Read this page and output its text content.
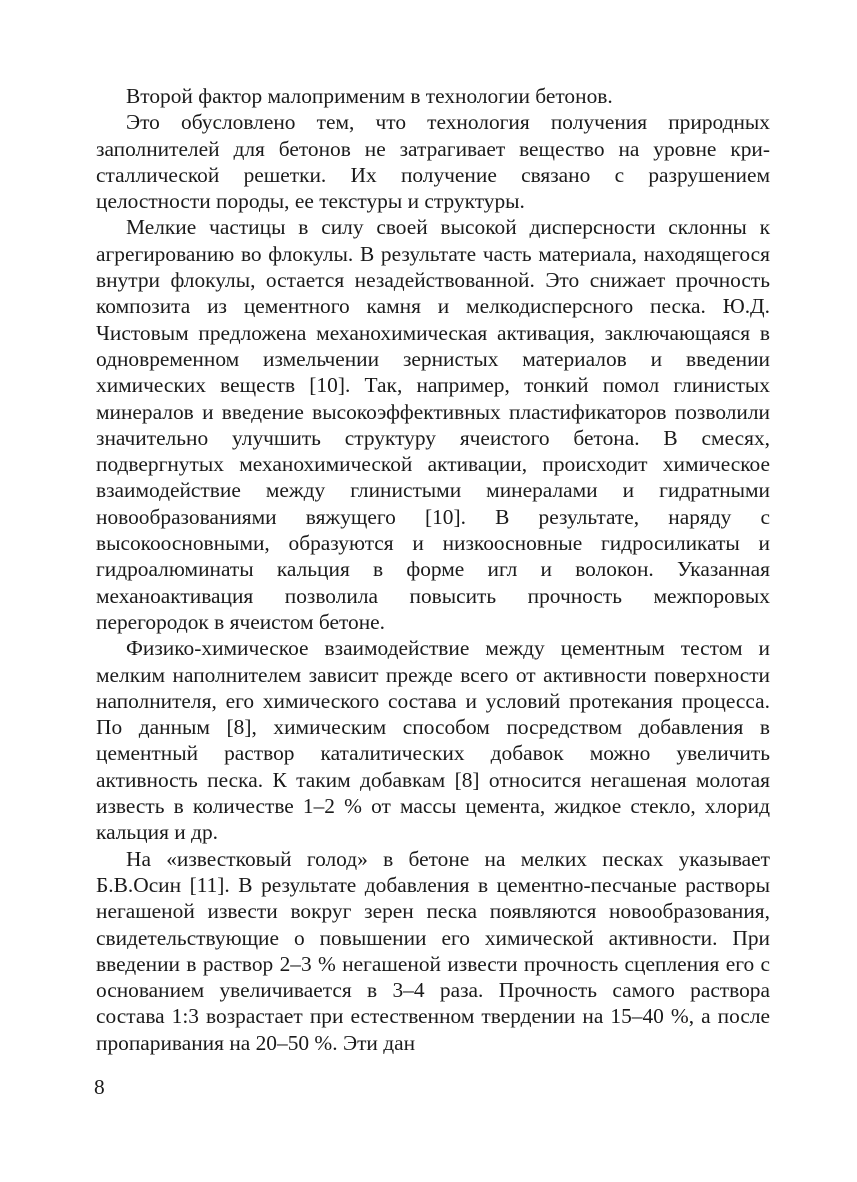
Второй фактор малоприменим в технологии бетонов.

Это обусловлено тем, что технология получения природных заполнителей для бетонов не затрагивает вещество на уровне кристаллической решетки. Их получение связано с разрушением целостности породы, ее текстуры и структуры.

Мелкие частицы в силу своей высокой дисперсности склонны к агрегированию во флокулы. В результате часть материала, находящегося внутри флокулы, остается незадействованной. Это снижает прочность композита из цементного камня и мелкодисперсного песка. Ю.Д. Чистовым предложена механохимическая активация, заключающаяся в одновременном измельчении зернистых материалов и введении химических веществ [10]. Так, например, тонкий помол глинистых минералов и введение высокоэффективных пластификаторов позволили значительно улучшить структуру ячеистого бетона. В смесях, подвергнутых механохимической активации, происходит химическое взаимодействие между глинистыми минералами и гидратными новообразованиями вяжущего [10]. В результате, наряду с высокоосновными, образуются и низкоосновные гидросиликаты и гидроалюминаты кальция в форме игл и волокон. Указанная механоактивация позволила повысить прочность межпоровых перегородок в ячеистом бетоне.

Физико-химическое взаимодействие между цементным тестом и мелким наполнителем зависит прежде всего от активности поверхности наполнителя, его химического состава и условий протекания процесса. По данным [8], химическим способом посредством добавления в цементный раствор каталитических добавок можно увеличить активность песка. К таким добавкам [8] относится негашеная молотая известь в количестве 1–2 % от массы цемента, жидкое стекло, хлорид кальция и др.

На «известковый голод» в бетоне на мелких песках указывает Б.В.Осин [11]. В результате добавления в цементно-песчаные растворы негашеной извести вокруг зерен песка появляются новообразования, свидетельствующие о повышении его химической активности. При введении в раствор 2–3 % негашеной извести прочность сцепления его с основанием увеличивается в 3–4 раза. Прочность самого раствора состава 1:3 возрастает при естественном твердении на 15–40 %, а после пропаривания на 20–50 %. Эти дан

8
